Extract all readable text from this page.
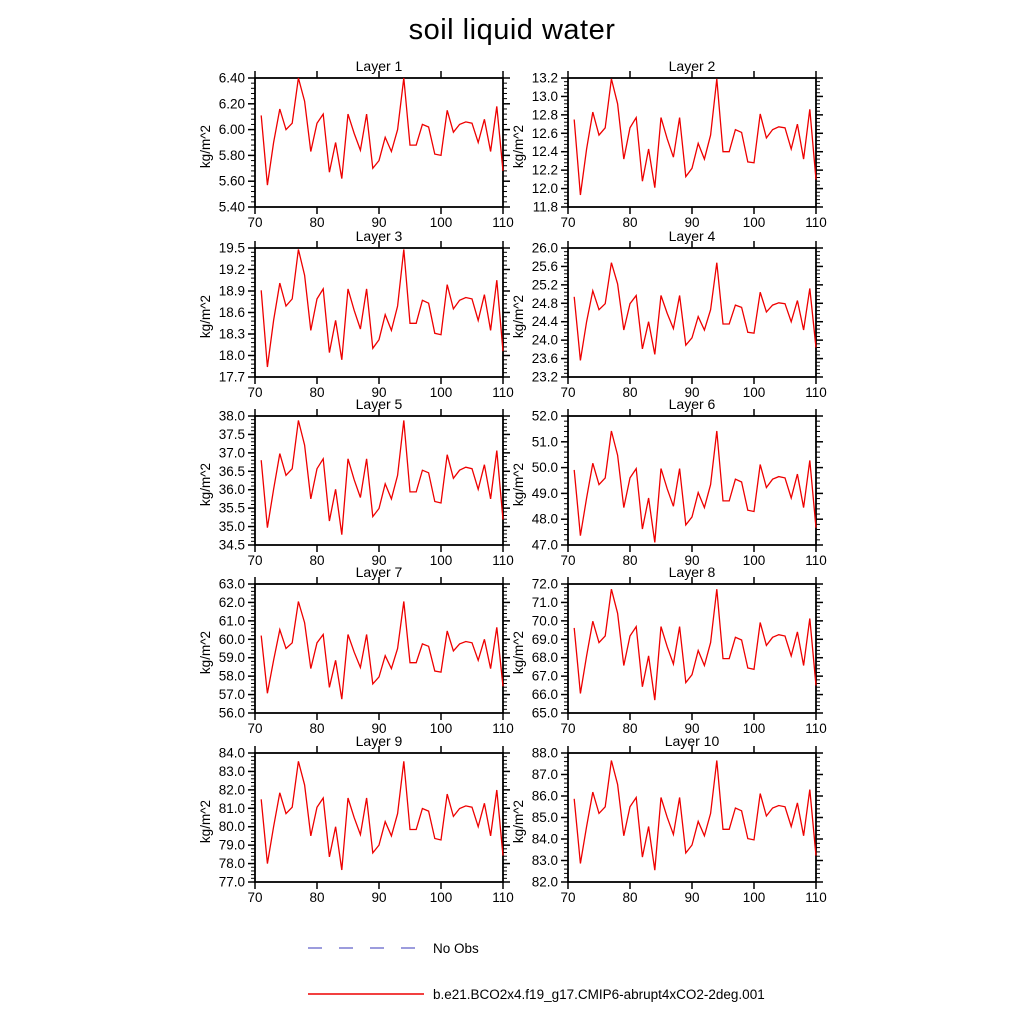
soil liquid water
Layer 1
kg/m^2
5.40
5.60
5.80
6.00
6.20
6.40
70	80	90	100	110
Layer 2
kg/m^2
11.8
12.0
12.2
12.4
12.6
12.8
13.0
13.2
70	80	90	100	110
Layer 3
kg/m^2
17.7
18.0
18.3
18.6
18.9
19.2
19.5
70	80	90	100	110
Layer 4
kg/m^2
23.2
23.6
24.0
24.4
24.8
25.2
25.6
26.0
70	80	90	100	110
Layer 5
kg/m^2
34.5
35.0
35.5
36.0
36.5
37.0
37.5
38.0
70	80	90	100	110
Layer 6
kg/m^2
47.0
48.0
49.0
50.0
51.0
52.0
70	80	90	100	110
Layer 7
kg/m^2
56.0
57.0
58.0
59.0
60.0
61.0
62.0
63.0
70	80	90	100	110
Layer 8
kg/m^2
65.0
66.0
67.0
68.0
69.0
70.0
71.0
72.0
70	80	90	100	110
Layer 9
kg/m^2
77.0
78.0
79.0
80.0
81.0
82.0
83.0
84.0
70	80	90	100	110
Layer 10
kg/m^2
82.0
83.0
84.0
85.0
86.0
87.0
88.0
70	80	90	100	110
No Obs
b.e21.BCO2x4.f19_g17.CMIP6-abrupt4xCO2-2deg.001
